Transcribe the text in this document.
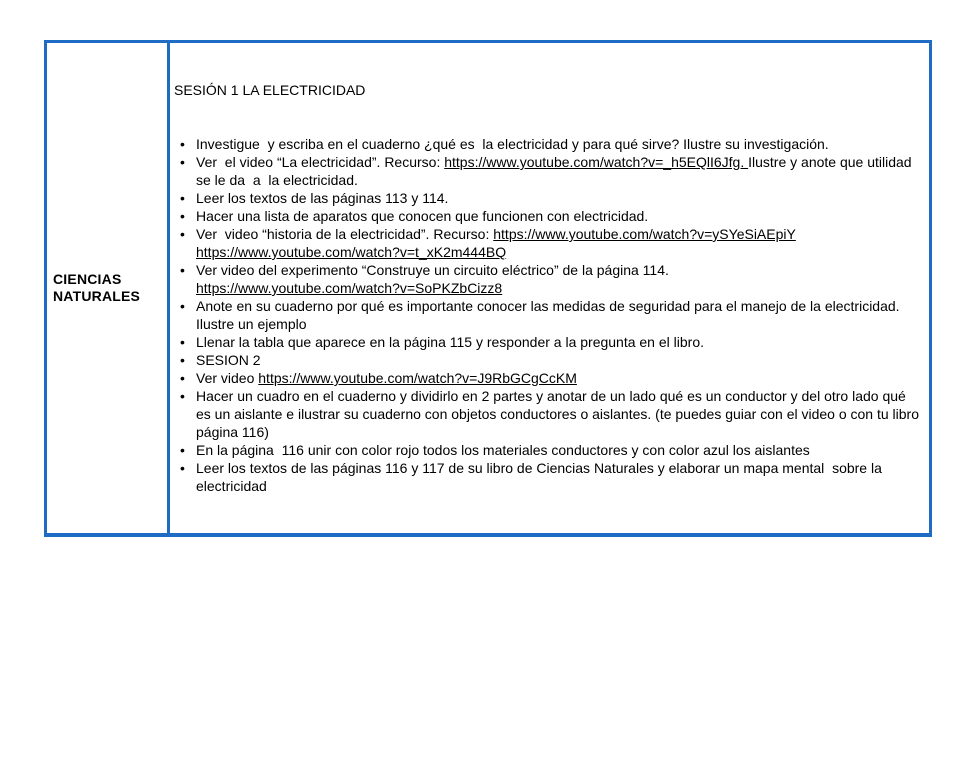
CIENCIAS NATURALES

SESIÓN 1 LA ELECTRICIDAD

• Investigue  y escriba en el cuaderno ¿qué es  la electricidad y para qué sirve? Ilustre su investigación.
• Ver  el video “La electricidad”. Recurso: https://www.youtube.com/watch?v=_h5EQlI6Jfg. Ilustre y anote que utilidad se le da  a  la electricidad.
• Leer los textos de las páginas 113 y 114.
• Hacer una lista de aparatos que conocen que funcionen con electricidad.
• Ver  video “historia de la electricidad”. Recurso: https://www.youtube.com/watch?v=ySYeSiAEpiY
https://www.youtube.com/watch?v=t_xK2m444BQ
• Ver video del experimento “Construye un circuito eléctrico” de la página 114.
https://www.youtube.com/watch?v=SoPKZbCizz8
• Anote en su cuaderno por qué es importante conocer las medidas de seguridad para el manejo de la electricidad. Ilustre un ejemplo
• Llenar la tabla que aparece en la página 115 y responder a la pregunta en el libro.
• SESION 2
• Ver video https://www.youtube.com/watch?v=J9RbGCgCcKM
• Hacer un cuadro en el cuaderno y dividirlo en 2 partes y anotar de un lado qué es un conductor y del otro lado qué es un aislante e ilustrar su cuaderno con objetos conductores o aislantes. (te puedes guiar con el video o con tu libro página 116)
• En la página  116 unir con color rojo todos los materiales conductores y con color azul los aislantes
• Leer los textos de las páginas 116 y 117 de su libro de Ciencias Naturales y elaborar un mapa mental  sobre la electricidad
